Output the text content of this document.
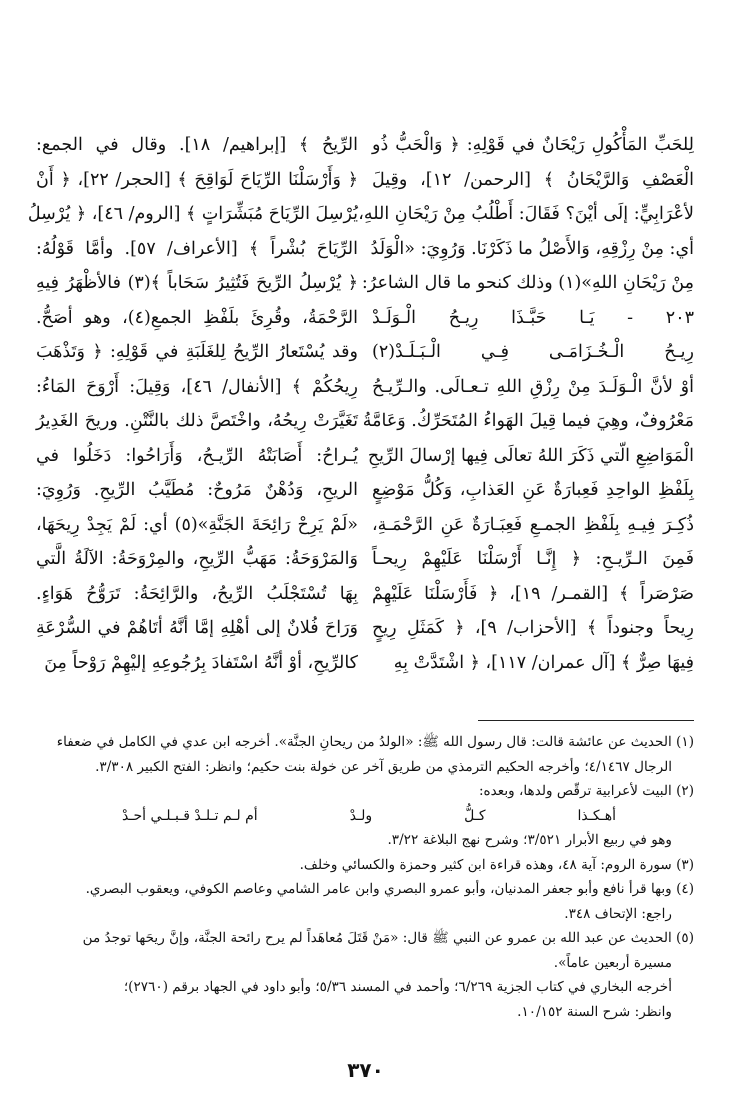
لِلحَبِّ المَأْكُولِ رَيْحَانٌ في قَوْلِهِ: ﴿ وَالْحَبُّ ذُو
الْعَصْفِ وَالرَّيْحَانُ ﴾ [الرحمن/ ١٢]، وقِيلَ
لأعْرَابِيٍّ: إلَى أيْنَ؟ فَقَالَ: أَطْلُبُ مِنْ رَيْحَانِ اللهِ،
أي: مِنْ رِزْقِهِ، وَالأَصْلُ ما ذَكَرْنَا. وَرُوِيَ: «الْوَلَدُ
مِنْ رَيْحَانِ اللهِ»(١) وذلك كنحو ما قال الشاعرُ:
٢٠٣ - يَـا حَبَّـذَا رِيـحُ الْـوَلَـدْ
رِيـحُ الْـخُـزَامَـى فِـي الْـبَـلَـدْ(٢)
أوْ لأنَّ الْـوَلَـدَ مِنْ رِزْقِ اللهِ تـعـالَى. والـرِّيـحُ
مَعْرُوفٌ، وهِيَ فيما قِيلَ الهَواءُ المُتَحَرِّكُ. وَعَامَّةُ
الْمَوَاضِعِ الّتي ذَكَرَ اللهُ تعالَى فِيها إرْسالَ الرِّيحِ
بِلَفْظِ الواحِدِ فَعِبارَةٌ عَنِ العَذابِ، وَكُلُّ مَوْضِعٍ
ذُكِـرَ فِيـهِ بِلَفْظِ الجمـعِ فَعِبَـارَةٌ عَنِ الرَّحْمَـةِ،
فَمِنَ الـرِّيـحِ: ﴿ إِنَّـا أَرْسَلْنَا عَلَيْهِمْ رِيحـاً
صَرْصَراً ﴾ [القمـر/ ١٩]، ﴿ فَأَرْسَلْنَا عَلَيْهِمْ
رِيحاً وجنوداً ﴾ [الأحزاب/ ٩]، ﴿ كَمَثَلِ رِيحٍ
فِيهَا صِرٌّ ﴾ [آل عمران/ ١١٧]، ﴿ اشْتَدَّتْ بِهِ
الرِّيحُ ﴾ [إبراهيم/ ١٨]. وقال في الجمع:
﴿ وَأَرْسَلْنَا الرِّيَاحَ لَوَاقِحَ ﴾ [الحجر/ ٢٢]، ﴿ أَنْ
يُرْسِلَ الرِّيَاحَ مُبَشِّرَاتٍ ﴾ [الروم/ ٤٦]، ﴿ يُرْسِلُ
الرِّيَاحَ بُشْراً ﴾ [الأعراف/ ٥٧]. وأمَّا قَوْلُهُ:
﴿ يُرْسِلُ الرِّيحَ فَتُثِيرُ سَحَاباً ﴾(٣) فالأظْهَرُ فِيهِ
الرَّحْمَةُ، وقُرِئَ بلَفْظِ الجمعِ(٤)، وهو أصَحُّ.
وقد يُسْتَعارُ الرِّيحُ لِلغَلَبَةِ في قَوْلِهِ: ﴿ وَتَذْهَبَ
رِيحُكُمْ ﴾ [الأنفال/ ٤٦]، وَقِيلَ: أَرْوَحَ المَاءُ:
تَغَيَّرَتْ رِيحُهُ، واخْتَصَّ ذلك بالنَّتْنِ. وريحَ الغَدِيرُ
يُـراحُ: أَصَابَتْهُ الرِّيـحُ، وَأَرَاحُوا: دَخَلُوا في
الريحِ، وَدُهْنٌ مَرُوحٌ: مُطَيَّبُ الرِّيحِ. وَرُوِيَ:
«لَمْ يَرِحْ رَائِحَةَ الجَنَّةِ»(٥) أي: لَمْ يَجِدْ رِيحَهَا،
وَالمَرْوَحَةُ: مَهَبُّ الرِّيحِ، والمِرْوَحَةُ: الآلَةُ الَّتي
بِهَا تُسْتَجْلَبُ الرِّيحُ، والرَّائِحَةُ: تَرَوُّحُ هَوَاءٍ.
وَرَاحَ فُلانٌ إلى أهْلِهِ إمَّا أنَّهُ أتَاهُمْ في السُّرْعَةِ
كالرِّيحِ، أوْ أنَّهُ اسْتَفادَ بِرُجُوعِهِ إليْهِمْ رَوْحاً مِنَ
(١) الحديث عن عائشة قالت: قال رسول الله ﷺ: «الولدُ من ريحانِ الجنَّة». أخرجه ابن عدي في الكامل في ضعفاء
الرجال ٤/١٤٦٧؛ وأخرجه الحكيم الترمذي من طريق آخر عن خولة بنت حكيم؛ وانظر: الفتح الكبير ٣/٣٠٨.
(٢) البيت لأعرابية ترقّص ولدها، وبعده:
أهـكـذا
كـلُّ
ولـدْ
أم لـم تـلـدْ قـبـلـي أحـدْ
وهو في ربيع الأبرار ٣/٥٢١؛ وشرح نهج البلاغة ٣/٢٢.
(٣) سورة الروم: آية ٤٨، وهذه قراءة ابن كثير وحمزة والكسائي وخلف.
(٤) وبها قرأ نافع وأبو جعفر المدنيان، وأبو عمرو البصري وابن عامر الشامي وعاصم الكوفي، ويعقوب البصري.
راجع: الإتحاف ٣٤٨.
(٥) الحديث عن عبد الله بن عمرو عن النبي ﷺ قال: «مَنْ قَتَلَ مُعاهَداً لم يرح رائحة الجنَّة، وإنَّ ريحَها توجدُ من
مسيرة أربعين عاماً».
أخرجه البخاري في كتاب الجزية ٦/٢٦٩؛ وأحمد في المسند ٥/٣٦؛ وأبو داود في الجهاد برقم (٢٧٦٠)؛
وانظر: شرح السنة ١٠/١٥٢.
٣٧٠
